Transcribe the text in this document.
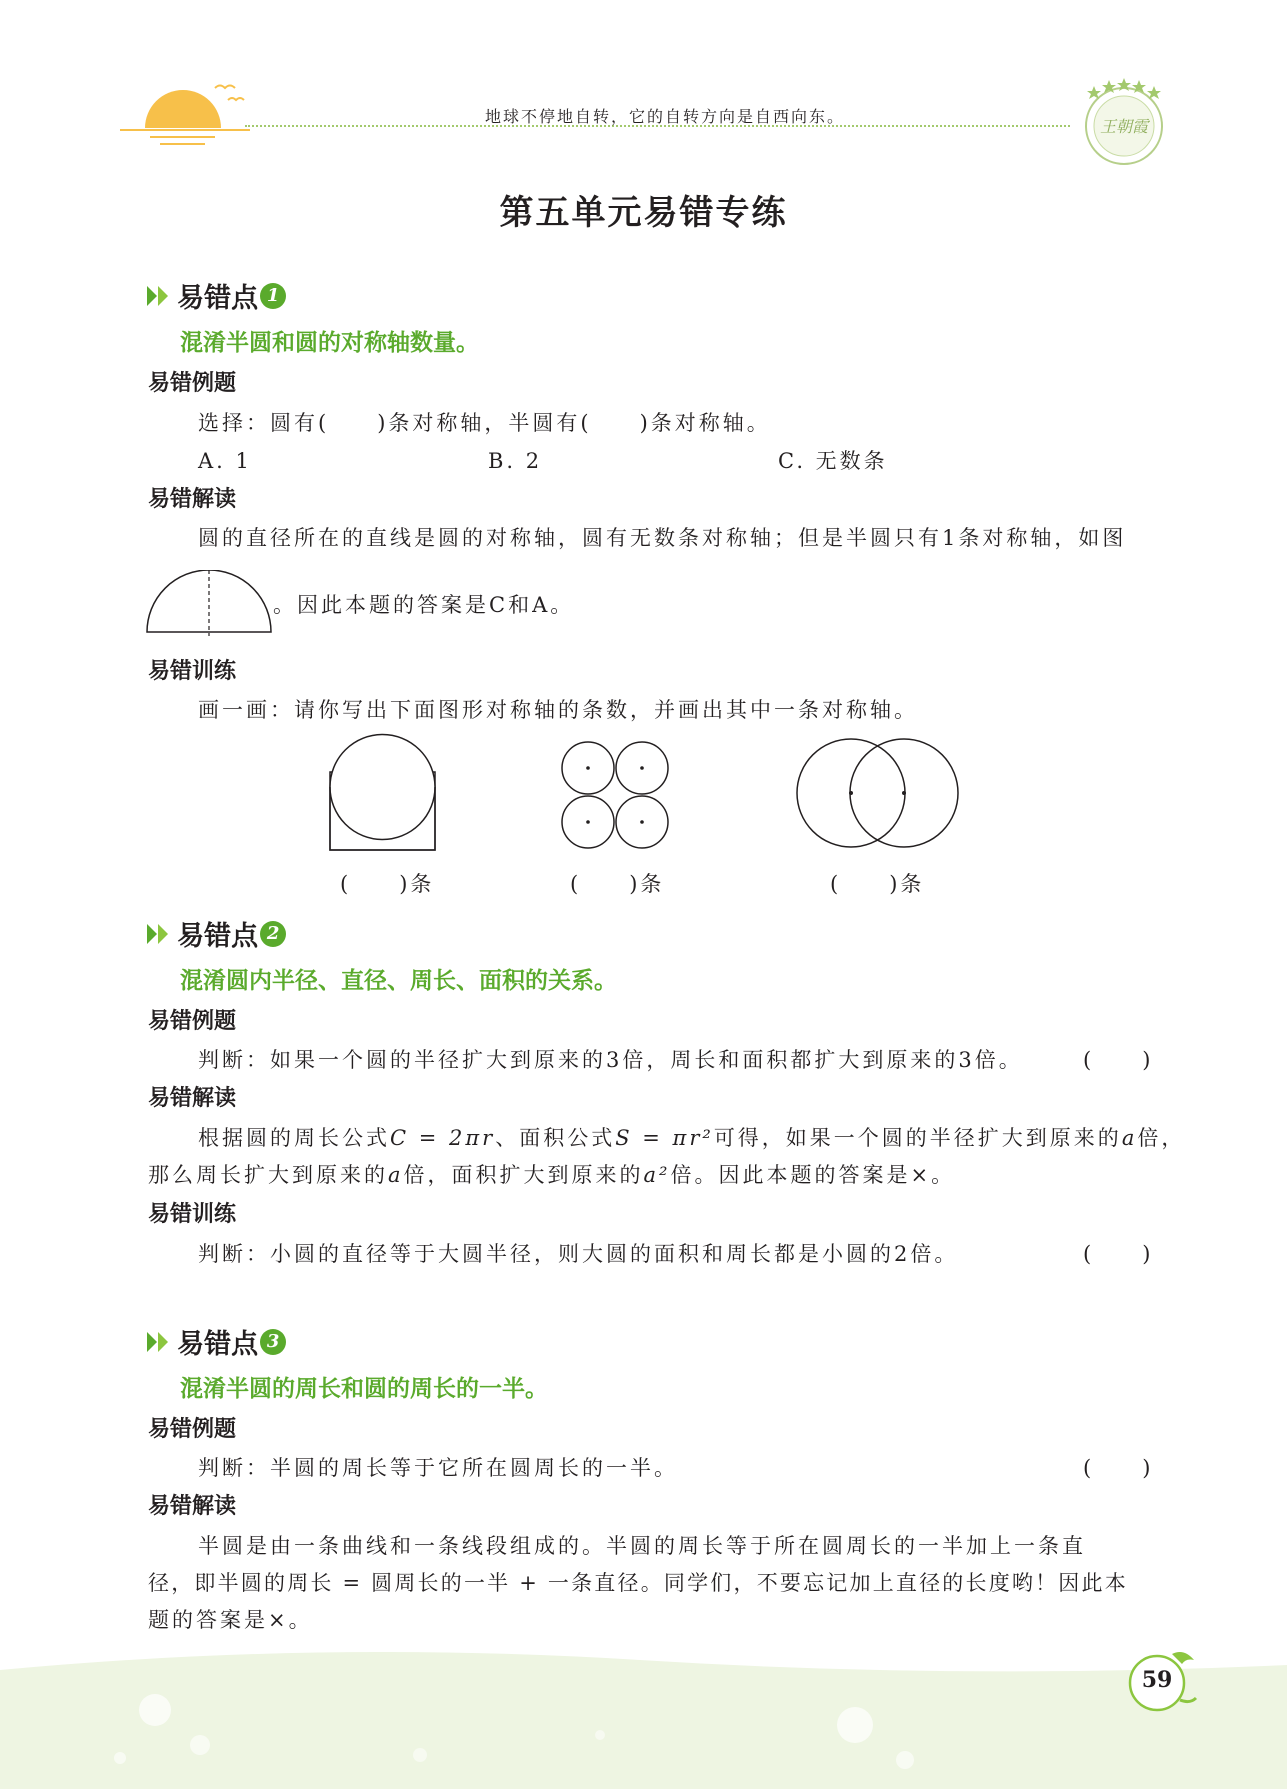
地球不停地自转，它的自转方向是自西向东。
王朝霞
第五单元易错专练
易错点 1
混淆半圆和圆的对称轴数量。
易错例题
选择：圆有(　　)条对称轴，半圆有(　　)条对称轴。
A. 1	B. 2	C. 无数条
易错解读
圆的直径所在的直线是圆的对称轴，圆有无数条对称轴；但是半圆只有1条对称轴，如图
。因此本题的答案是C和A。
易错训练
画一画：请你写出下面图形对称轴的条数，并画出其中一条对称轴。
(　　)条	(　　)条	(　　)条
易错点 2
混淆圆内半径、直径、周长、面积的关系。
易错例题
判断：如果一个圆的半径扩大到原来的3倍，周长和面积都扩大到原来的3倍。	(　　)
易错解读
根据圆的周长公式C = 2πr、面积公式S = πr²可得，如果一个圆的半径扩大到原来的a倍，
那么周长扩大到原来的a倍，面积扩大到原来的a²倍。因此本题的答案是×。
易错训练
判断：小圆的直径等于大圆半径，则大圆的面积和周长都是小圆的2倍。	(　　)
易错点 3
混淆半圆的周长和圆的周长的一半。
易错例题
判断：半圆的周长等于它所在圆周长的一半。	(　　)
易错解读
半圆是由一条曲线和一条线段组成的。半圆的周长等于所在圆周长的一半加上一条直
径，即半圆的周长 = 圆周长的一半 + 一条直径。同学们，不要忘记加上直径的长度哟！因此本
题的答案是×。
59
